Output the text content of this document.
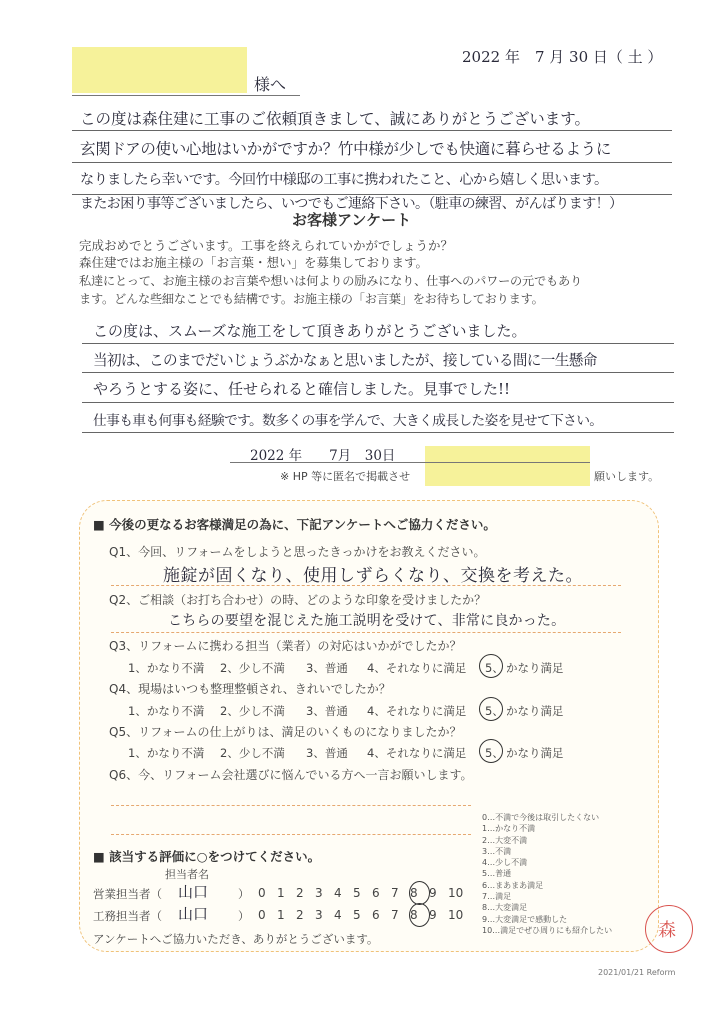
様へ
2022 年　7 月 30 日（ 土 ）
この度は森住建に工事のご依頼頂きまして、誠にありがとうございます。
玄関ドアの使い心地はいかがですか？竹中様が少しでも快適に暮らせるように
なりましたら幸いです。今回竹中様邸の工事に携われたこと、心から嬉しく思います。
またお困り事等ございましたら、いつでもご連絡下さい。（駐車の練習、がんばります！）
お客様アンケート
完成おめでとうございます。工事を終えられていかがでしょうか？
森住建ではお施主様の「お言葉・想い」を募集しております。
私達にとって、お施主様のお言葉や想いは何よりの励みになり、仕事へのパワーの元でもあり
ます。どんな些細なことでも結構です。お施主様の「お言葉」をお待ちしております。
この度は、スムーズな施工をして頂きありがとうございました。
当初は、このまでだいじょうぶかなぁと思いましたが、接している間に一生懸命
やろうとする姿に、任せられると確信しました。見事でした!!
仕事も車も何事も経験です。数多くの事を学んで、大きく成長した姿を見せて下さい。
2022 年　　7月　30日
※ HP 等に匿名で掲載させ	願いします。
■ 今後の更なるお客様満足の為に、下記アンケートへご協力ください。
Q1、今回、リフォームをしようと思ったきっかけをお教えください。
施錠が固くなり、使用しずらくなり、交換を考えた。
Q2、ご相談（お打ち合わせ）の時、どのような印象を受けましたか？
こちらの要望を混じえた施工説明を受けて、非常に良かった。
Q3、リフォームに携わる担当（業者）の対応はいかがでしたか？
1、かなり不満 2、少し不満 3、普通 4、それなりに満足 5、 かなり満足
Q4、現場はいつも整理整頓され、きれいでしたか？
1、かなり不満 2、少し不満 3、普通 4、それなりに満足 5、 かなり満足
Q5、リフォームの仕上がりは、満足のいくものになりましたか？
1、かなり不満 2、少し不満 3、普通 4、それなりに満足 5、 かなり満足
Q6、今、リフォーム会社選びに悩んでいる方へ一言お願いします。
0…不満で今後は取引したくない
1…かなり不満
2…大変不満
3…不満
4…少し不満
5…普通
6…まあまあ満足
7…満足
8…大変満足
9…大変満足で感動した
10…満足でぜひ周りにも紹介したい
■ 該当する評価に○をつけてください。
担当者名
営業担当者（ 山口	） 0 1 2 3 4 5 6 7 8 9 10
工務担当者（ 山口	） 0 1 2 3 4 5 6 7 8 9 10
アンケートへご協力いただき、ありがとうございます。	森
2021/01/21 Reform
